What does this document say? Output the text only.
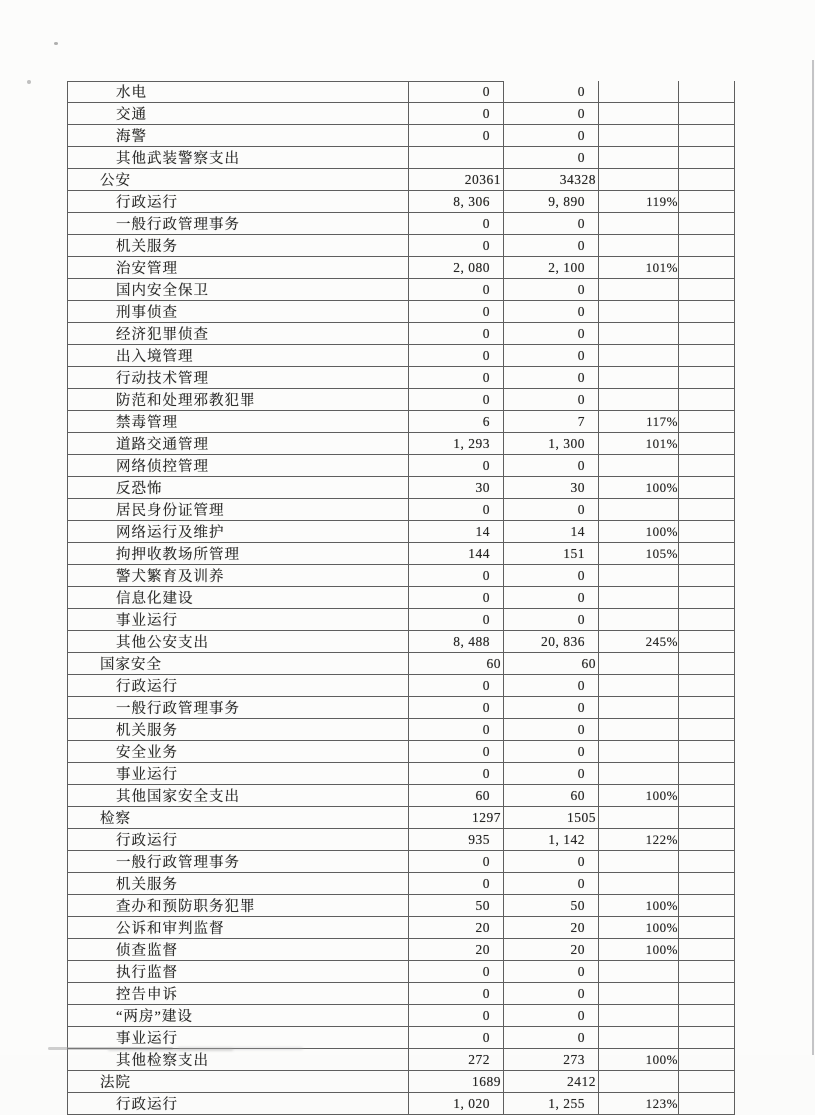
水电	0	0		
交通	0	0		
海警	0	0		
其他武装警察支出		0		
公安	20361	34328		
行政运行	8, 306	9, 890	119%	
一般行政管理事务	0	0		
机关服务	0	0		
治安管理	2, 080	2, 100	101%	
国内安全保卫	0	0		
刑事侦查	0	0		
经济犯罪侦查	0	0		
出入境管理	0	0		
行动技术管理	0	0		
防范和处理邪教犯罪	0	0		
禁毒管理	6	7	117%	
道路交通管理	1, 293	1, 300	101%	
网络侦控管理	0	0		
反恐怖	30	30	100%	
居民身份证管理	0	0		
网络运行及维护	14	14	100%	
拘押收教场所管理	144	151	105%	
警犬繁育及训养	0	0		
信息化建设	0	0		
事业运行	0	0		
其他公安支出	8, 488	20, 836	245%	
国家安全	60	60		
行政运行	0	0		
一般行政管理事务	0	0		
机关服务	0	0		
安全业务	0	0		
事业运行	0	0		
其他国家安全支出	60	60	100%	
检察	1297	1505		
行政运行	935	1, 142	122%	
一般行政管理事务	0	0		
机关服务	0	0		
查办和预防职务犯罪	50	50	100%	
公诉和审判监督	20	20	100%	
侦查监督	20	20	100%	
执行监督	0	0		
控告申诉	0	0		
“两房”建设	0	0		
事业运行	0	0		
其他检察支出	272	273	100%	
法院	1689	2412		
行政运行	1, 020	1, 255	123%	
